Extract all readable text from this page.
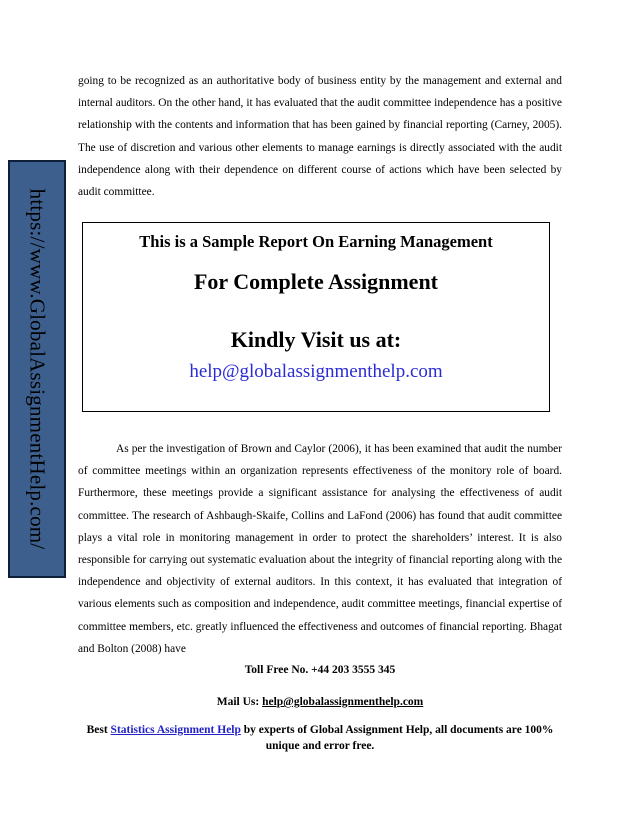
https://www.GlobalAssignmentHelp.com/

going to be recognized as an authoritative body of business entity by the management and external and internal auditors. On the other hand, it has evaluated that the audit committee independence has a positive relationship with the contents and information that has been gained by financial reporting (Carney, 2005). The use of discretion and various other elements to manage earnings is directly associated with the audit independence along with their dependence on different course of actions which have been selected by audit committee.

This is a Sample Report On Earning Management
For Complete Assignment
Kindly Visit us at:
help@globalassignmenthelp.com

As per the investigation of Brown and Caylor (2006), it has been examined that audit the number of committee meetings within an organization represents effectiveness of the monitory role of board. Furthermore, these meetings provide a significant assistance for analysing the effectiveness of audit committee. The research of Ashbaugh-Skaife, Collins and LaFond (2006) has found that audit committee plays a vital role in monitoring management in order to protect the shareholders’ interest. It is also responsible for carrying out systematic evaluation about the integrity of financial reporting along with the independence and objectivity of external auditors. In this context, it has evaluated that integration of various elements such as composition and independence, audit committee meetings, financial expertise of committee members, etc. greatly influenced the effectiveness and outcomes of financial reporting. Bhagat and Bolton (2008) have

Toll Free No. +44 203 3555 345
Mail Us: help@globalassignmenthelp.com
Best Statistics Assignment Help by experts of Global Assignment Help, all documents are 100% unique and error free.
